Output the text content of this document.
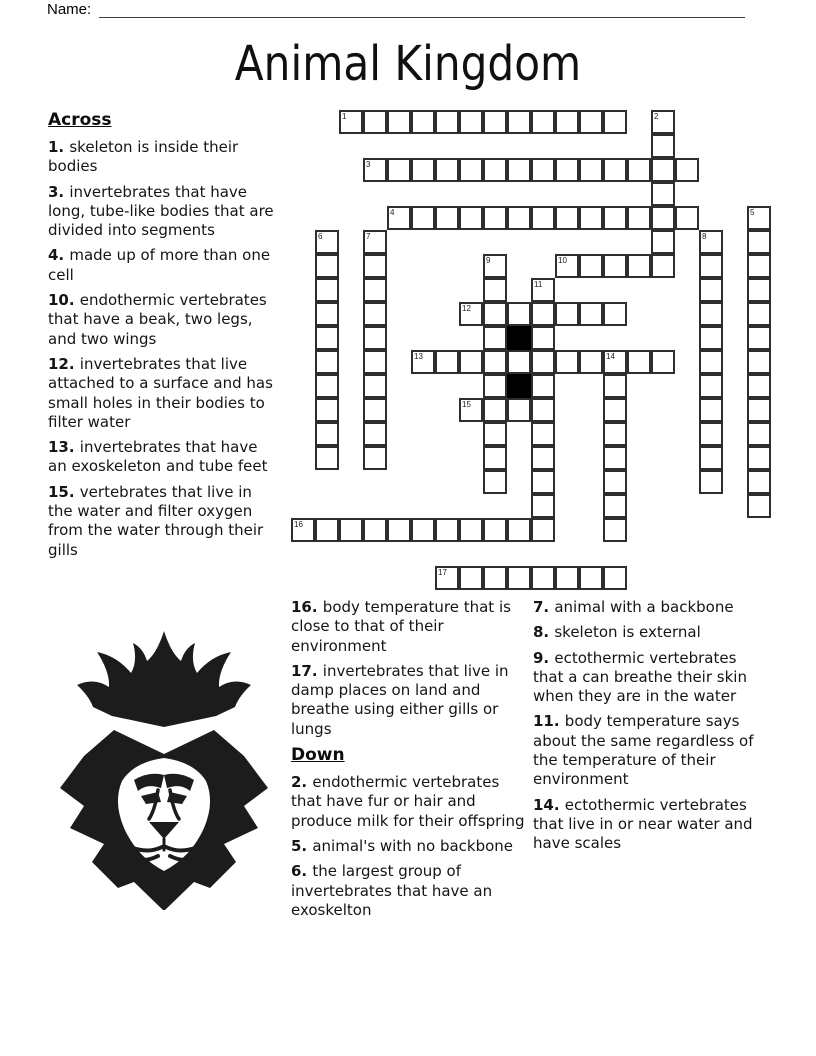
Name:
Animal Kingdom

Across

1. skeleton is inside their bodies

3. invertebrates that have long, tube-like bodies that are divided into segments

4. made up of more than one cell

10. endothermic vertebrates that have a beak, two legs, and two wings

12. invertebrates that live attached to a surface and has small holes in their bodies to filter water

13. invertebrates that have an exoskeleton and tube feet

15. vertebrates that live in the water and filter oxygen from the water through their gills

1	2
3
4	5
6	7	8
9	10
11
12
13	14
15
16
17

16. body temperature that is close to that of their environment

17. invertebrates that live in damp places on land and breathe using either gills or lungs

Down

2. endothermic vertebrates that have fur or hair and produce milk for their offspring

5. animal's with no backbone

6. the largest group of invertebrates that have an exoskelton

7. animal with a backbone

8. skeleton is external

9. ectothermic vertebrates that a can breathe their skin when they are in the water

11. body temperature says about the same regardless of the temperature of their environment

14. ectothermic vertebrates that live in or near water and have scales
